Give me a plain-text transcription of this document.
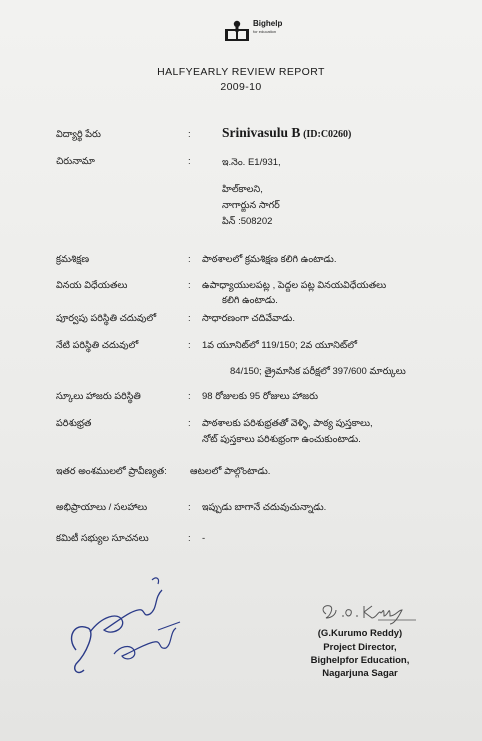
Bighelp
for education
HALFYEARLY REVIEW REPORT
2009-10
విద్యార్థి పేరు	: Srinivasulu B (ID:C0260)
చిరునామా	:	ఇ.నెం. E1/931,
హిల్‌కాలని,
నాగార్జున సాగర్
పిన్ :508202
క్రమశిక్షణ	: పాఠశాలలో క్రమశిక్షణ కలిగి ఉంటాడు.
వినయ విధేయతలు	: ఉపాధ్యాయులపట్ల , పెద్దల పట్ల వినయవిధేయతలు
కలిగి ఉంటాడు.
పూర్వపు పరిస్థితి చదువులో	: సాధారణంగా చదివేవాడు.
నేటి పరిస్థితి చదువులో	: 1వ యూనిట్‌లో 119/150; 2వ యూనిట్‌లో
84/150; త్రైమాసిక పరీక్షలో 397/600 మార్కులు
స్కూలు హాజరు పరిస్థితి	: 98 రోజులకు 95 రోజులు హాజరు
పరిశుభ్రత	: పాఠశాలకు పరిశుభ్రతతో వెళ్ళి, పాఠ్య పుస్తకాలు,
నోట్ పుస్తకాలు పరిశుభ్రంగా ఉంచుకుంటాడు.
ఇతర అంశములలో ప్రావీణ్యత: ఆటలలో పాల్గొంటాడు.
అభిప్రాయాలు / సలహాలు	: ఇప్పుడు బాగానే చదువుచున్నాడు.
కమిటీ సభ్యుల సూచనలు	: -
(G.Kurumo Reddy)
Project Director,
Bighelpfor Education,
Nagarjuna Sagar
